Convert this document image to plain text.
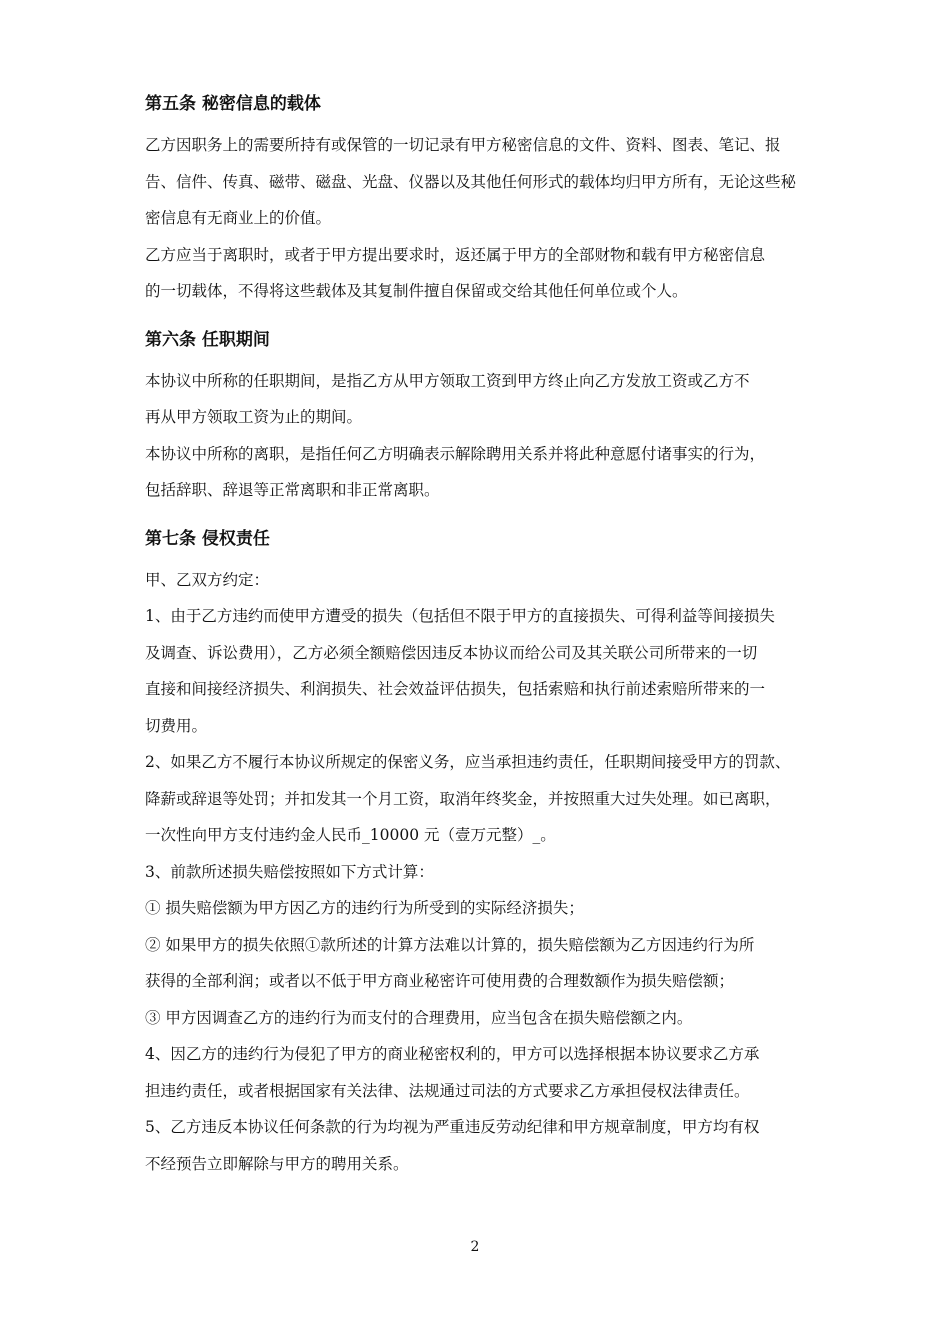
第五条 秘密信息的载体

乙方因职务上的需要所持有或保管的一切记录有甲方秘密信息的文件、资料、图表、笔记、报

告、信件、传真、磁带、磁盘、光盘、仪器以及其他任何形式的载体均归甲方所有，无论这些秘

密信息有无商业上的价值。

乙方应当于离职时，或者于甲方提出要求时，返还属于甲方的全部财物和载有甲方秘密信息

的一切载体，不得将这些载体及其复制件擅自保留或交给其他任何单位或个人。

第六条 任职期间

本协议中所称的任职期间，是指乙方从甲方领取工资到甲方终止向乙方发放工资或乙方不

再从甲方领取工资为止的期间。

本协议中所称的离职，是指任何乙方明确表示解除聘用关系并将此种意愿付诸事实的行为，

包括辞职、辞退等正常离职和非正常离职。

第七条 侵权责任

甲、乙双方约定：

1、由于乙方违约而使甲方遭受的损失（包括但不限于甲方的直接损失、可得利益等间接损失

及调查、诉讼费用），乙方必须全额赔偿因违反本协议而给公司及其关联公司所带来的一切

直接和间接经济损失、利润损失、社会效益评估损失，包括索赔和执行前述索赔所带来的一

切费用。

2、如果乙方不履行本协议所规定的保密义务，应当承担违约责任，任职期间接受甲方的罚款、

降薪或辞退等处罚；并扣发其一个月工资，取消年终奖金，并按照重大过失处理。如已离职，

一次性向甲方支付违约金人民币_10000 元（壹万元整）_。

3、前款所述损失赔偿按照如下方式计算：

① 损失赔偿额为甲方因乙方的违约行为所受到的实际经济损失；

② 如果甲方的损失依照①款所述的计算方法难以计算的，损失赔偿额为乙方因违约行为所

获得的全部利润；或者以不低于甲方商业秘密许可使用费的合理数额作为损失赔偿额；

③ 甲方因调查乙方的违约行为而支付的合理费用，应当包含在损失赔偿额之内。

4、因乙方的违约行为侵犯了甲方的商业秘密权利的，甲方可以选择根据本协议要求乙方承

担违约责任，或者根据国家有关法律、法规通过司法的方式要求乙方承担侵权法律责任。

5、乙方违反本协议任何条款的行为均视为严重违反劳动纪律和甲方规章制度，甲方均有权

不经预告立即解除与甲方的聘用关系。

2
